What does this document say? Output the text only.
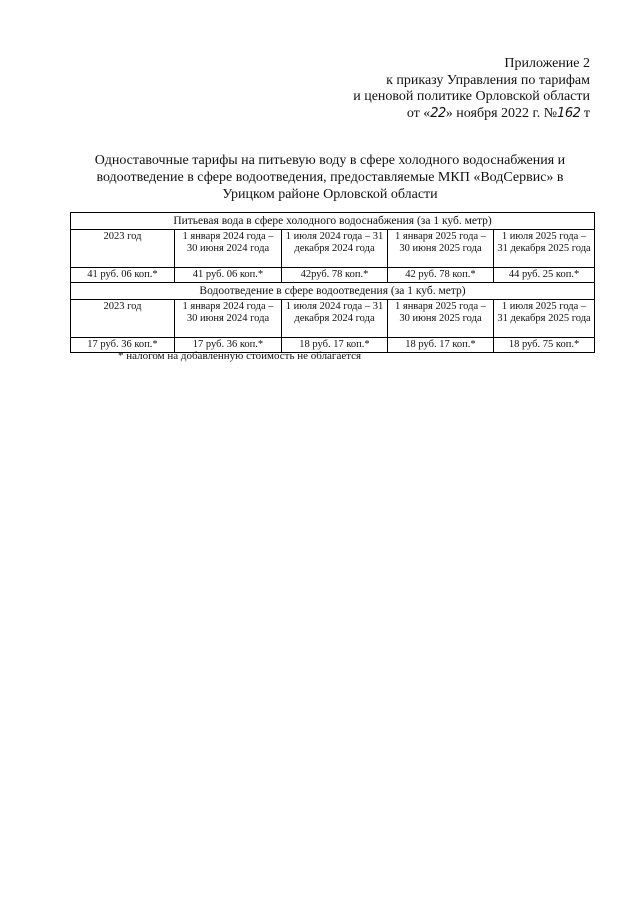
Приложение 2
к приказу Управления по тарифам
и ценовой политике Орловской области
от «22» ноября 2022 г. №162 т
Одноставочные тарифы на питьевую воду в сфере холодного водоснабжения и водоотведение в сфере водоотведения, предоставляемые МКП «ВодСервис» в Урицком районе Орловской области
Питьевая вода в сфере холодного водоснабжения (за 1 куб. метр)				
2023 год	1 января 2024 года – 30 июня 2024 года	1 июля 2024 года – 31 декабря 2024 года	1 января 2025 года – 30 июня 2025 года	1 июля 2025 года – 31 декабря 2025 года
41 руб. 06 коп.*	41 руб. 06 коп.*	42руб. 78 коп.*	42 руб. 78 коп.*	44 руб. 25 коп.*
Водоотведение в сфере водоотведения (за 1 куб. метр)				
2023 год	1 января 2024 года – 30 июня 2024 года	1 июля 2024 года – 31 декабря 2024 года	1 января 2025 года – 30 июня 2025 года	1 июля 2025 года – 31 декабря 2025 года
17 руб. 36 коп.*	17 руб. 36 коп.*	18 руб. 17 коп.*	18 руб. 17 коп.*	18 руб. 75 коп.*
* налогом на добавленную стоимость не облагается
